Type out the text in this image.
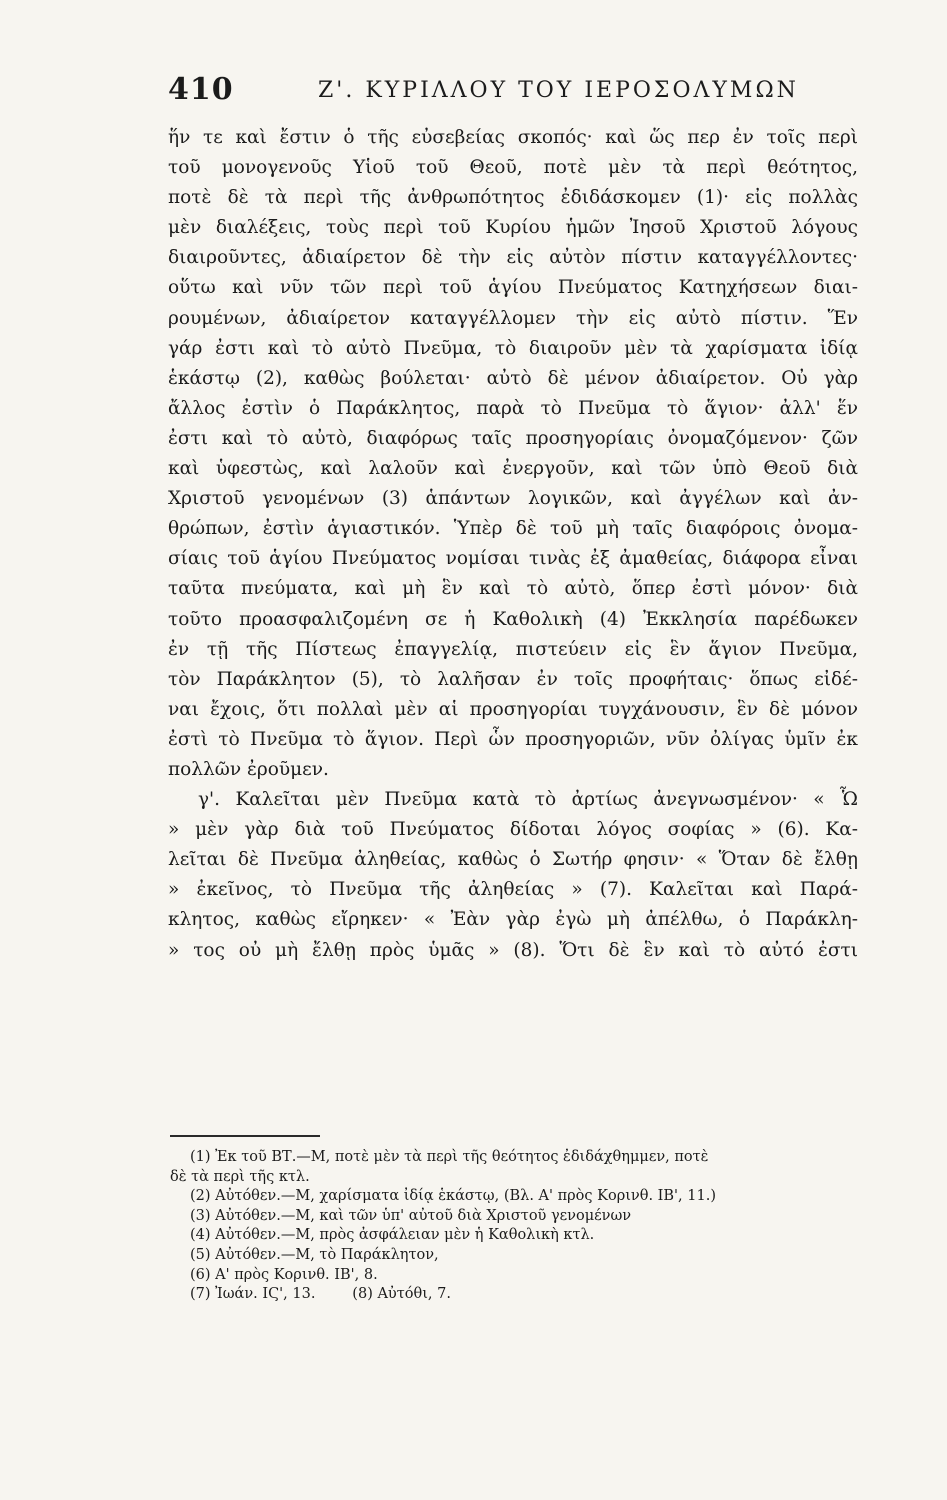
410	Ζ'. ΚΥΡΙΛΛΟΥ ΤΟΥ ΙΕΡΟΣΟΛΥΜΩΝ
ἥν τε καὶ ἔστιν ὁ τῆς εὐσεβείας σκοπός· καὶ ὥς περ ἐν τοῖς περὶ
τοῦ μονογενοῦς Υἱοῦ τοῦ Θεοῦ, ποτὲ μὲν τὰ περὶ θεότητος,
ποτὲ δὲ τὰ περὶ τῆς ἀνθρωπότητος ἐδιδάσκομεν (1)· εἰς πολλὰς
μὲν διαλέξεις, τοὺς περὶ τοῦ Κυρίου ἡμῶν Ἰησοῦ Χριστοῦ λόγους
διαιροῦντες, ἀδιαίρετον δὲ τὴν εἰς αὐτὸν πίστιν καταγγέλλοντες·
οὕτω καὶ νῦν τῶν περὶ τοῦ ἁγίου Πνεύματος Κατηχήσεων διαι-
ρουμένων, ἀδιαίρετον καταγγέλλομεν τὴν εἰς αὐτὸ πίστιν. Ἕν
γάρ ἐστι καὶ τὸ αὐτὸ Πνεῦμα, τὸ διαιροῦν μὲν τὰ χαρίσματα ἰδίᾳ
ἑκάστῳ (2), καθὼς βούλεται· αὐτὸ δὲ μένον ἀδιαίρετον. Οὐ γὰρ
ἄλλος ἐστὶν ὁ Παράκλητος, παρὰ τὸ Πνεῦμα τὸ ἅγιον· ἀλλ' ἕν
ἐστι καὶ τὸ αὐτὸ, διαφόρως ταῖς προσηγορίαις ὀνομαζόμενον· ζῶν
καὶ ὑφεστὼς, καὶ λαλοῦν καὶ ἐνεργοῦν, καὶ τῶν ὑπὸ Θεοῦ διὰ
Χριστοῦ γενομένων (3) ἁπάντων λογικῶν, καὶ ἀγγέλων καὶ ἀν-
θρώπων, ἐστὶν ἁγιαστικόν. Ὑπὲρ δὲ τοῦ μὴ ταῖς διαφόροις ὀνομα-
σίαις τοῦ ἁγίου Πνεύματος νομίσαι τινὰς ἐξ ἀμαθείας, διάφορα εἶναι
ταῦτα πνεύματα, καὶ μὴ ἓν καὶ τὸ αὐτὸ, ὅπερ ἐστὶ μόνον· διὰ
τοῦτο προασφαλιζομένη σε ἡ Καθολικὴ (4) Ἐκκλησία παρέδωκεν
ἐν τῇ τῆς Πίστεως ἐπαγγελίᾳ, πιστεύειν εἰς ἓν ἅγιον Πνεῦμα,
τὸν Παράκλητον (5), τὸ λαλῆσαν ἐν τοῖς προφήταις· ὅπως εἰδέ-
ναι ἔχοις, ὅτι πολλαὶ μὲν αἱ προσηγορίαι τυγχάνουσιν, ἓν δὲ μόνον
ἐστὶ τὸ Πνεῦμα τὸ ἅγιον. Περὶ ὧν προσηγοριῶν, νῦν ὀλίγας ὑμῖν ἐκ
πολλῶν ἐροῦμεν.
γ'. Καλεῖται μὲν Πνεῦμα κατὰ τὸ ἀρτίως ἀνεγνωσμένον· « Ὧ
» μὲν γὰρ διὰ τοῦ Πνεύματος δίδοται λόγος σοφίας » (6). Κα-
λεῖται δὲ Πνεῦμα ἀληθείας, καθὼς ὁ Σωτήρ φησιν· « Ὅταν δὲ ἔλθῃ
» ἐκεῖνος, τὸ Πνεῦμα τῆς ἀληθείας » (7). Καλεῖται καὶ Παρά-
κλητος, καθὼς εἴρηκεν· « Ἐὰν γὰρ ἐγὼ μὴ ἀπέλθω, ὁ Παράκλη-
» τος οὐ μὴ ἔλθῃ πρὸς ὑμᾶς » (8). Ὅτι δὲ ἓν καὶ τὸ αὐτό ἐστι
(1) Ἐκ τοῦ ΒΤ.—Μ, ποτὲ μὲν τὰ περὶ τῆς θεότητος ἐδιδάχθημμεν, ποτὲ
δὲ τὰ περὶ τῆς κτλ.
(2) Αὐτόθεν.—Μ, χαρίσματα ἰδίᾳ ἑκάστῳ, (Βλ. Α' πρὸς Κορινθ. ΙΒ', 11.)
(3) Αὐτόθεν.—Μ, καὶ τῶν ὑπ' αὐτοῦ διὰ Χριστοῦ γενομένων
(4) Αὐτόθεν.—Μ, πρὸς ἀσφάλειαν μὲν ἡ Καθολικὴ κτλ.
(5) Αὐτόθεν.—Μ, τὸ Παράκλητον,
(6) Α' πρὸς Κορινθ. ΙΒ', 8.
(7) Ἰωάν. ΙϚ', 13.        (8) Αὐτόθι, 7.
